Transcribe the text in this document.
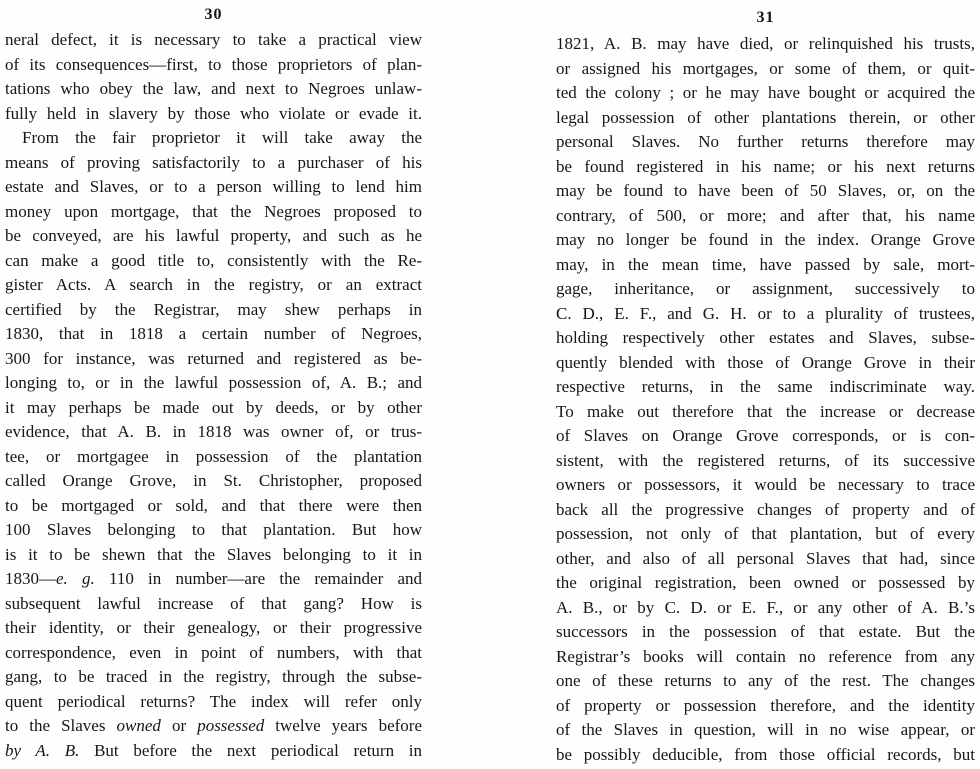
30
neral defect, it is necessary to take a practical view
of its consequences—first, to those proprietors of plan-
tations who obey the law, and next to Negroes unlaw-
fully held in slavery by those who violate or evade it.
From the fair proprietor it will take away the
means of proving satisfactorily to a purchaser of his
estate and Slaves, or to a person willing to lend him
money upon mortgage, that the Negroes proposed to
be conveyed, are his lawful property, and such as he
can make a good title to, consistently with the Re-
gister Acts. A search in the registry, or an extract
certified by the Registrar, may shew perhaps in
1830, that in 1818 a certain number of Negroes,
300 for instance, was returned and registered as be-
longing to, or in the lawful possession of, A. B.; and
it may perhaps be made out by deeds, or by other
evidence, that A. B. in 1818 was owner of, or trus-
tee, or mortgagee in possession of the plantation
called Orange Grove, in St. Christopher, proposed
to be mortgaged or sold, and that there were then
100 Slaves belonging to that plantation. But how
is it to be shewn that the Slaves belonging to it in
1830—e. g. 110 in number—are the remainder and
subsequent lawful increase of that gang? How is
their identity, or their genealogy, or their progressive
correspondence, even in point of numbers, with that
gang, to be traced in the registry, through the subse-
quent periodical returns? The index will refer only
to the Slaves owned or possessed twelve years before
by A. B. But before the next periodical return in
31
1821, A. B. may have died, or relinquished his trusts,
or assigned his mortgages, or some of them, or quit-
ted the colony ; or he may have bought or acquired the
legal possession of other plantations therein, or other
personal Slaves. No further returns therefore may
be found registered in his name; or his next returns
may be found to have been of 50 Slaves, or, on the
contrary, of 500, or more; and after that, his name
may no longer be found in the index. Orange Grove
may, in the mean time, have passed by sale, mort-
gage, inheritance, or assignment, successively to
C. D., E. F., and G. H. or to a plurality of trustees,
holding respectively other estates and Slaves, subse-
quently blended with those of Orange Grove in their
respective returns, in the same indiscriminate way.
To make out therefore that the increase or decrease
of Slaves on Orange Grove corresponds, or is con-
sistent, with the registered returns, of its successive
owners or possessors, it would be necessary to trace
back all the progressive changes of property and of
possession, not only of that plantation, but of every
other, and also of all personal Slaves that had, since
the original registration, been owned or possessed by
A. B., or by C. D. or E. F., or any other of A. B.’s
successors in the possession of that estate. But the
Registrar’s books will contain no reference from any
one of these returns to any of the rest. The changes
of property or possession therefore, and the identity
of the Slaves in question, will in no wise appear, or
be possibly deducible, from those official records, but
